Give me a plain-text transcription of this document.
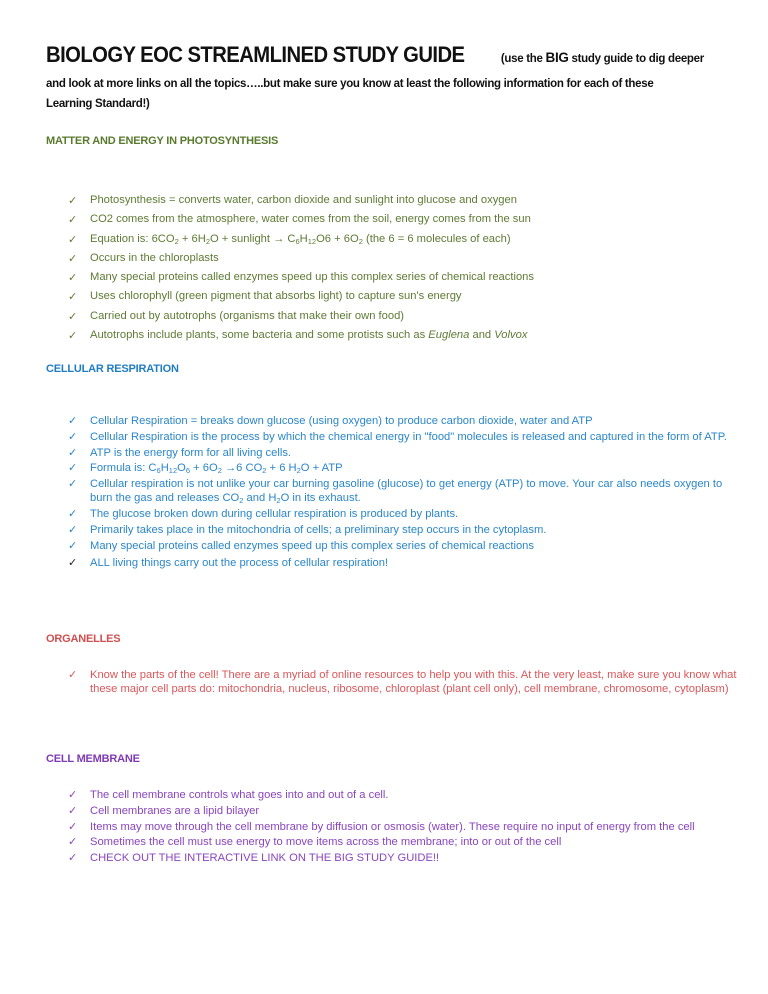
BIOLOGY EOC STREAMLINED STUDY GUIDE	(use the BIG study guide to dig deeper
and look at more links on all the topics…..but make sure you know at least the following information for each of these
Learning Standard!)
MATTER AND ENERGY IN PHOTOSYNTHESIS
✓ Photosynthesis = converts water, carbon dioxide and sunlight into glucose and oxygen
✓ CO2 comes from the atmosphere, water comes from the soil, energy comes from the sun
✓ Equation is: $6CO_2 + 6H_2O$ + sunlight → $C_6H_{12}O6 + 6O_2$ (the 6 = 6 molecules of each)
✓ Occurs in the chloroplasts
✓ Many special proteins called enzymes speed up this complex series of chemical reactions
✓ Uses chlorophyll (green pigment that absorbs light) to capture sun's energy
✓ Carried out by autotrophs (organisms that make their own food)
✓ Autotrophs include plants, some bacteria and some protists such as Euglena and Volvox
CELLULAR RESPIRATION
✓ Cellular Respiration = breaks down glucose (using oxygen) to produce carbon dioxide, water and ATP
✓ Cellular Respiration is the process by which the chemical energy in "food" molecules is released and captured in the form of ATP.
✓ ATP is the energy form for all living cells.
✓ Formula is: $C_6H_{12}O_6 + 6O_2 \to 6$ $CO_2 + 6$ $H_2O$ + ATP
✓ Cellular respiration is not unlike your car burning gasoline (glucose) to get energy (ATP) to move. Your car also needs oxygen to burn the gas and releases $CO_2$ and $H_2O$ in its exhaust.
✓ The glucose broken down during cellular respiration is produced by plants.
✓ Primarily takes place in the mitochondria of cells; a preliminary step occurs in the cytoplasm.
✓ Many special proteins called enzymes speed up this complex series of chemical reactions
✓ ALL living things carry out the process of cellular respiration!
ORGANELLES
✓ Know the parts of the cell! There are a myriad of online resources to help you with this. At the very least, make sure you know what these major cell parts do: mitochondria, nucleus, ribosome, chloroplast (plant cell only), cell membrane, chromosome, cytoplasm)
CELL MEMBRANE
✓ The cell membrane controls what goes into and out of a cell.
✓ Cell membranes are a lipid bilayer
✓ Items may move through the cell membrane by diffusion or osmosis (water). These require no input of energy from the cell
✓ Sometimes the cell must use energy to move items across the membrane; into or out of the cell
✓ CHECK OUT THE INTERACTIVE LINK ON THE BIG STUDY GUIDE!!
